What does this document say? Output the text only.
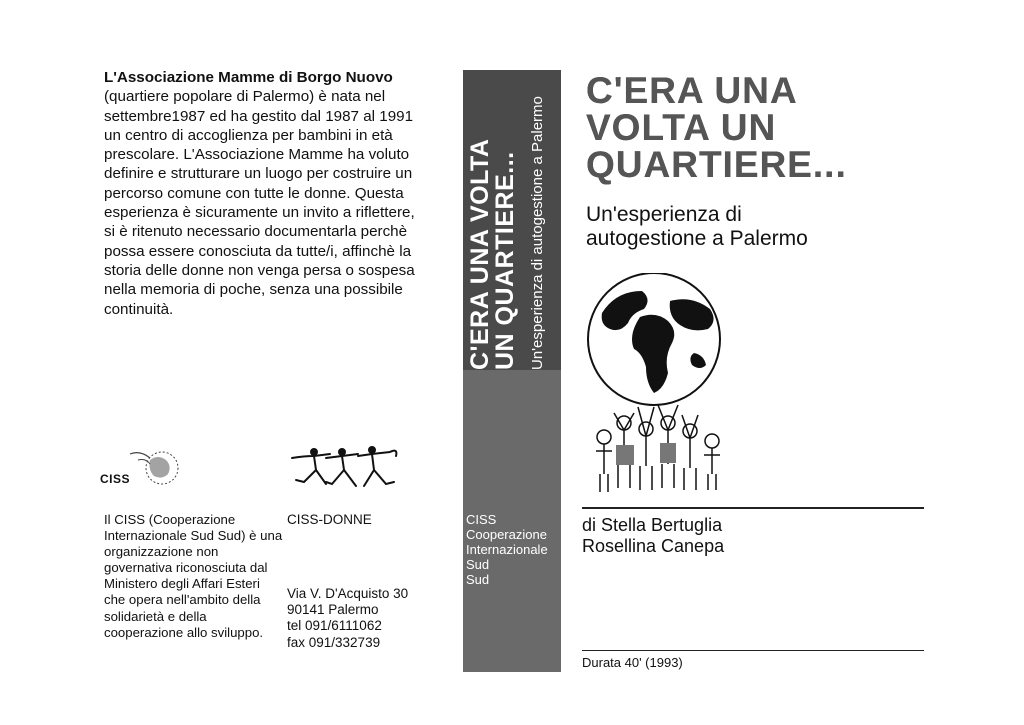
L'Associazione Mamme di Borgo Nuovo (quartiere popolare di Palermo) è nata nel settembre1987 ed ha gestito dal 1987 al 1991 un centro di accoglienza per bambini in età prescolare. L'Associazione Mamme ha voluto definire e strutturare un luogo per costruire un percorso comune con tutte le donne. Questa esperienza è sicuramente un invito a riflettere, si è ritenuto necessario documentarla perchè possa essere conosciuta da tutte/i, affinchè la storia delle donne non venga persa o sospesa nella memoria di poche, senza una possibile continuità.

CISS
Il CISS (Cooperazione Internazionale Sud Sud) è una organizzazione non governativa riconosciuta dal Ministero degli Affari Esteri che opera nell'ambito della solidarietà e della cooperazione allo sviluppo.
CISS-DONNE
Via V. D'Acquisto 30
90141 Palermo
tel 091/6111062
fax 091/332739
C'ERA UNA VOLTA
UN QUARTIERE... Un'esperienza di autogestione a Palermo
CISS
Cooperazione
Internazionale
Sud
Sud
C'ERA UNA
VOLTA UN
QUARTIERE...
Un'esperienza di
autogestione a Palermo
di Stella Bertuglia
Rosellina Canepa
Durata 40' (1993)
